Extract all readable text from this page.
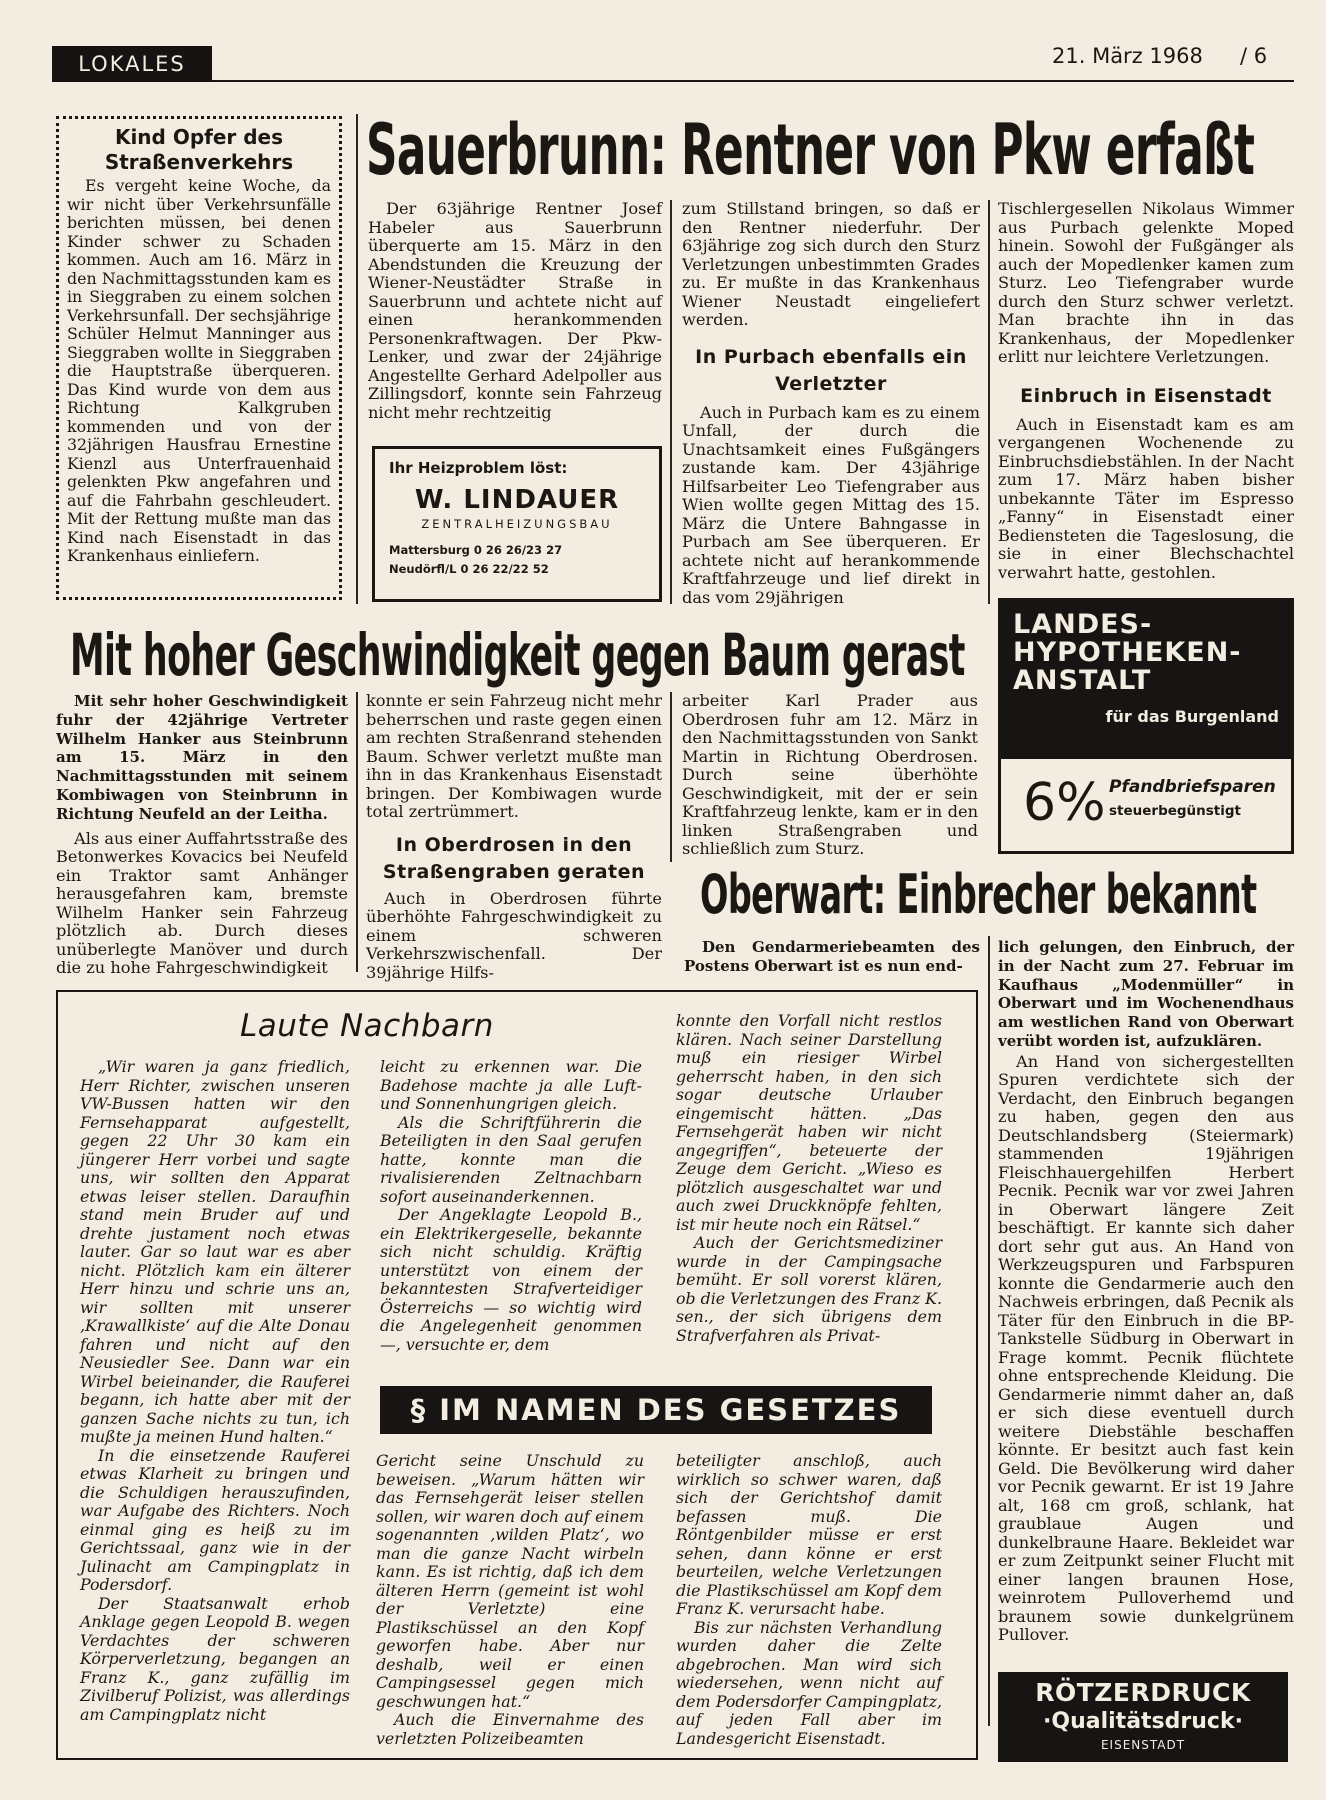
LOKALES	21. März 1968 / 6
Kind Opfer des
Straßenverkehrs

Es vergeht keine Woche, da wir nicht über Verkehrsunfälle berichten müssen, bei denen Kinder schwer zu Schaden kommen. Auch am 16. März in den Nachmittagsstunden kam es in Sieggraben zu einem solchen Verkehrsunfall. Der sechsjährige Schüler Helmut Manninger aus Sieggraben wollte in Sieggraben die Hauptstraße überqueren. Das Kind wurde von dem aus Richtung Kalkgruben kommenden und von der 32jährigen Hausfrau Ernestine Kienzl aus Unterfrauenhaid gelenkten Pkw angefahren und auf die Fahrbahn geschleudert. Mit der Rettung mußte man das Kind nach Eisenstadt in das Krankenhaus einliefern.

Sauerbrunn: Rentner von Pkw erfaßt

Der 63jährige Rentner Josef Habeler aus Sauerbrunn überquerte am 15. März in den Abendstunden die Kreuzung der Wiener-Neustädter Straße in Sauerbrunn und achtete nicht auf einen herankommenden Personenkraftwagen. Der Pkw-Lenker, und zwar der 24jährige Angestellte Gerhard Adelpoller aus Zillingsdorf, konnte sein Fahrzeug nicht mehr rechtzeitig

Ihr Heizproblem löst:
W. LINDAUER
ZENTRALHEIZUNGSBAU
Mattersburg 0 26 26/23 27
Neudörfl/L 0 26 22/22 52

zum Stillstand bringen, so daß er den Rentner niederfuhr. Der 63jährige zog sich durch den Sturz Verletzungen unbestimmten Grades zu. Er mußte in das Krankenhaus Wiener Neustadt eingeliefert werden.

In Purbach ebenfalls ein Verletzter

Auch in Purbach kam es zu einem Unfall, der durch die Unachtsamkeit eines Fußgängers zustande kam. Der 43jährige Hilfsarbeiter Leo Tiefengraber aus Wien wollte gegen Mittag des 15. März die Untere Bahngasse in Purbach am See überqueren. Er achtete nicht auf herankommende Kraftfahrzeuge und lief direkt in das vom 29jährigen

Tischlergesellen Nikolaus Wimmer aus Purbach gelenkte Moped hinein. Sowohl der Fußgänger als auch der Mopedlenker kamen zum Sturz. Leo Tiefengraber wurde durch den Sturz schwer verletzt. Man brachte ihn in das Krankenhaus, der Mopedlenker erlitt nur leichtere Verletzungen.

Einbruch in Eisenstadt

Auch in Eisenstadt kam es am vergangenen Wochenende zu Einbruchsdiebstählen. In der Nacht zum 17. März haben bisher unbekannte Täter im Espresso „Fanny“ in Eisenstadt einer Bediensteten die Tageslosung, die sie in einer Blechschachtel verwahrt hatte, gestohlen.

Mit hoher Geschwindigkeit gegen Baum gerast

Mit sehr hoher Geschwindigkeit fuhr der 42jährige Vertreter Wilhelm Hanker aus Steinbrunn am 15. März in den Nachmittagsstunden mit seinem Kombiwagen von Steinbrunn in Richtung Neufeld an der Leitha.

Als aus einer Auffahrtsstraße des Betonwerkes Kovacics bei Neufeld ein Traktor samt Anhänger herausgefahren kam, bremste Wilhelm Hanker sein Fahrzeug plötzlich ab. Durch dieses unüberlegte Manöver und durch die zu hohe Fahrgeschwindigkeit

konnte er sein Fahrzeug nicht mehr beherrschen und raste gegen einen am rechten Straßenrand stehenden Baum. Schwer verletzt mußte man ihn in das Krankenhaus Eisenstadt bringen. Der Kombiwagen wurde total zertrümmert.

In Oberdrosen in den Straßengraben geraten

Auch in Oberdrosen führte überhöhte Fahrgeschwindigkeit zu einem schweren Verkehrszwischenfall. Der 39jährige Hilfs-

arbeiter Karl Prader aus Oberdrosen fuhr am 12. März in den Nachmittagsstunden von Sankt Martin in Richtung Oberdrosen. Durch seine überhöhte Geschwindigkeit, mit der er sein Kraftfahrzeug lenkte, kam er in den linken Straßengraben und schließlich zum Sturz.

LANDES-
HYPOTHEKEN-
ANSTALT
für das Burgenland
6% Pfandbriefsparen
steuerbegünstigt
Oberwart: Einbrecher bekannt

Den Gendarmeriebeamten des Postens Oberwart ist es nun end-

lich gelungen, den Einbruch, der in der Nacht zum 27. Februar im Kaufhaus „Modenmüller“ in Oberwart und im Wochenendhaus am westlichen Rand von Oberwart verübt worden ist, aufzuklären.

An Hand von sichergestellten Spuren verdichtete sich der Verdacht, den Einbruch begangen zu haben, gegen den aus Deutschlandsberg (Steiermark) stammenden 19jährigen Fleischhauergehilfen Herbert Pecnik. Pecnik war vor zwei Jahren in Oberwart längere Zeit beschäftigt. Er kannte sich daher dort sehr gut aus. An Hand von Werkzeugspuren und Farbspuren konnte die Gendarmerie auch den Nachweis erbringen, daß Pecnik als Täter für den Einbruch in die BP-Tankstelle Südburg in Oberwart in Frage kommt. Pecnik flüchtete ohne entsprechende Kleidung. Die Gendarmerie nimmt daher an, daß er sich diese eventuell durch weitere Diebstähle beschaffen könnte. Er besitzt auch fast kein Geld. Die Bevölkerung wird daher vor Pecnik gewarnt. Er ist 19 Jahre alt, 168 cm groß, schlank, hat graublaue Augen und dunkelbraune Haare. Bekleidet war er zum Zeitpunkt seiner Flucht mit einer langen braunen Hose, weinrotem Pulloverhemd und braunem sowie dunkelgrünem Pullover.

RÖTZERDRUCK
·Qualitätsdruck·
EISENSTADT
Laute Nachbarn

„Wir waren ja ganz friedlich, Herr Richter, zwischen unseren VW-Bussen hatten wir den Fernsehapparat aufgestellt, gegen 22 Uhr 30 kam ein jüngerer Herr vorbei und sagte uns, wir sollten den Apparat etwas leiser stellen. Daraufhin stand mein Bruder auf und drehte justament noch etwas lauter. Gar so laut war es aber nicht. Plötzlich kam ein älterer Herr hinzu und schrie uns an, wir sollten mit unserer ‚Krawallkiste‘ auf die Alte Donau fahren und nicht auf den Neusiedler See. Dann war ein Wirbel beieinander, die Rauferei begann, ich hatte aber mit der ganzen Sache nichts zu tun, ich mußte ja meinen Hund halten.“

In die einsetzende Rauferei etwas Klarheit zu bringen und die Schuldigen herauszufinden, war Aufgabe des Richters. Noch einmal ging es heiß zu im Gerichtssaal, ganz wie in der Julinacht am Campingplatz in Podersdorf.

Der Staatsanwalt erhob Anklage gegen Leopold B. wegen Verdachtes der schweren Körperverletzung, begangen an Franz K., ganz zufällig im Zivilberuf Polizist, was allerdings am Campingplatz nicht

leicht zu erkennen war. Die Badehose machte ja alle Luft- und Sonnenhungrigen gleich.

Als die Schriftführerin die Beteiligten in den Saal gerufen hatte, konnte man die rivalisierenden Zeltnachbarn sofort auseinanderkennen.

Der Angeklagte Leopold B., ein Elektrikergeselle, bekannte sich nicht schuldig. Kräftig unterstützt von einem der bekanntesten Strafverteidiger Österreichs — so wichtig wird die Angelegenheit genommen —, versuchte er, dem

konnte den Vorfall nicht restlos klären. Nach seiner Darstellung muß ein riesiger Wirbel geherrscht haben, in den sich sogar deutsche Urlauber eingemischt hätten. „Das Fernsehgerät haben wir nicht angegriffen“, beteuerte der Zeuge dem Gericht. „Wieso es plötzlich ausgeschaltet war und auch zwei Druckknöpfe fehlten, ist mir heute noch ein Rätsel.“

Auch der Gerichtsmediziner wurde in der Campingsache bemüht. Er soll vorerst klären, ob die Verletzungen des Franz K. sen., der sich übrigens dem Strafverfahren als Privat-

§ IM NAMEN DES GESETZES

Gericht seine Unschuld zu beweisen. „Warum hätten wir das Fernsehgerät leiser stellen sollen, wir waren doch auf einem sogenannten ‚wilden Platz‘, wo man die ganze Nacht wirbeln kann. Es ist richtig, daß ich dem älteren Herrn (gemeint ist wohl der Verletzte) eine Plastikschüssel an den Kopf geworfen habe. Aber nur deshalb, weil er einen Campingsessel gegen mich geschwungen hat.“

Auch die Einvernahme des verletzten Polizeibeamten

beteiligter anschloß, auch wirklich so schwer waren, daß sich der Gerichtshof damit befassen muß. Die Röntgenbilder müsse er erst sehen, dann könne er erst beurteilen, welche Verletzungen die Plastikschüssel am Kopf dem Franz K. verursacht habe.

Bis zur nächsten Verhandlung wurden daher die Zelte abgebrochen. Man wird sich wiedersehen, wenn nicht auf dem Podersdorfer Campingplatz, auf jeden Fall aber im Landesgericht Eisenstadt.
